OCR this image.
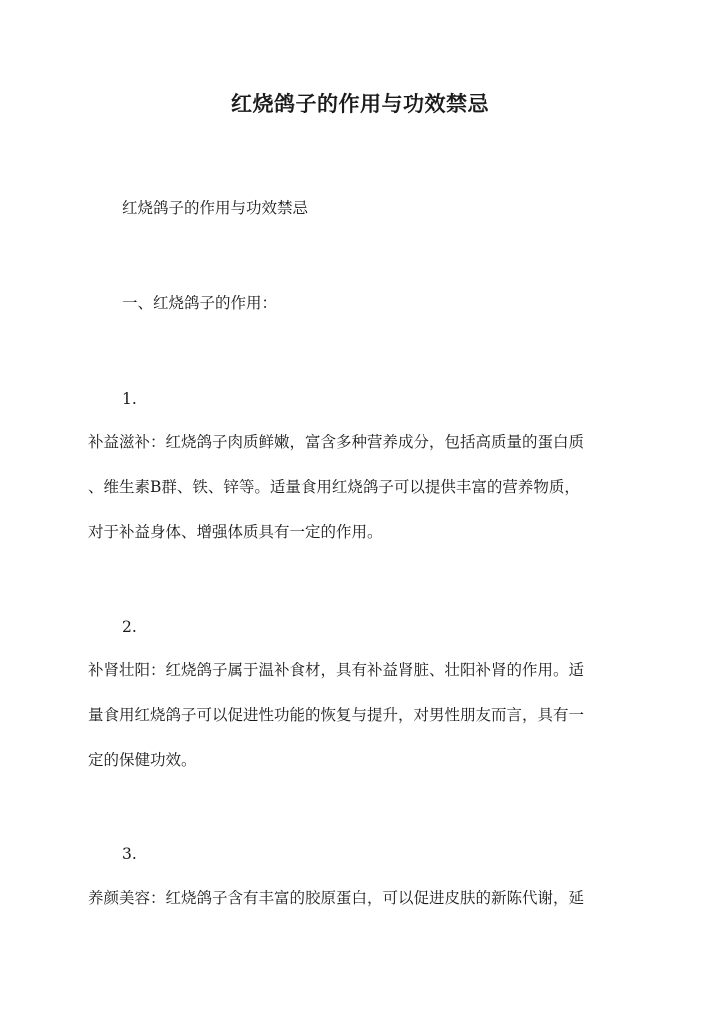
红烧鸽子的作用与功效禁忌
红烧鸽子的作用与功效禁忌
一、红烧鸽子的作用：
1.
补益滋补：红烧鸽子肉质鲜嫩，富含多种营养成分，包括高质量的蛋白质
、维生素B群、铁、锌等。适量食用红烧鸽子可以提供丰富的营养物质，
对于补益身体、增强体质具有一定的作用。
2.
补肾壮阳：红烧鸽子属于温补食材，具有补益肾脏、壮阳补肾的作用。适
量食用红烧鸽子可以促进性功能的恢复与提升，对男性朋友而言，具有一
定的保健功效。
3.
养颜美容：红烧鸽子含有丰富的胶原蛋白，可以促进皮肤的新陈代谢，延
